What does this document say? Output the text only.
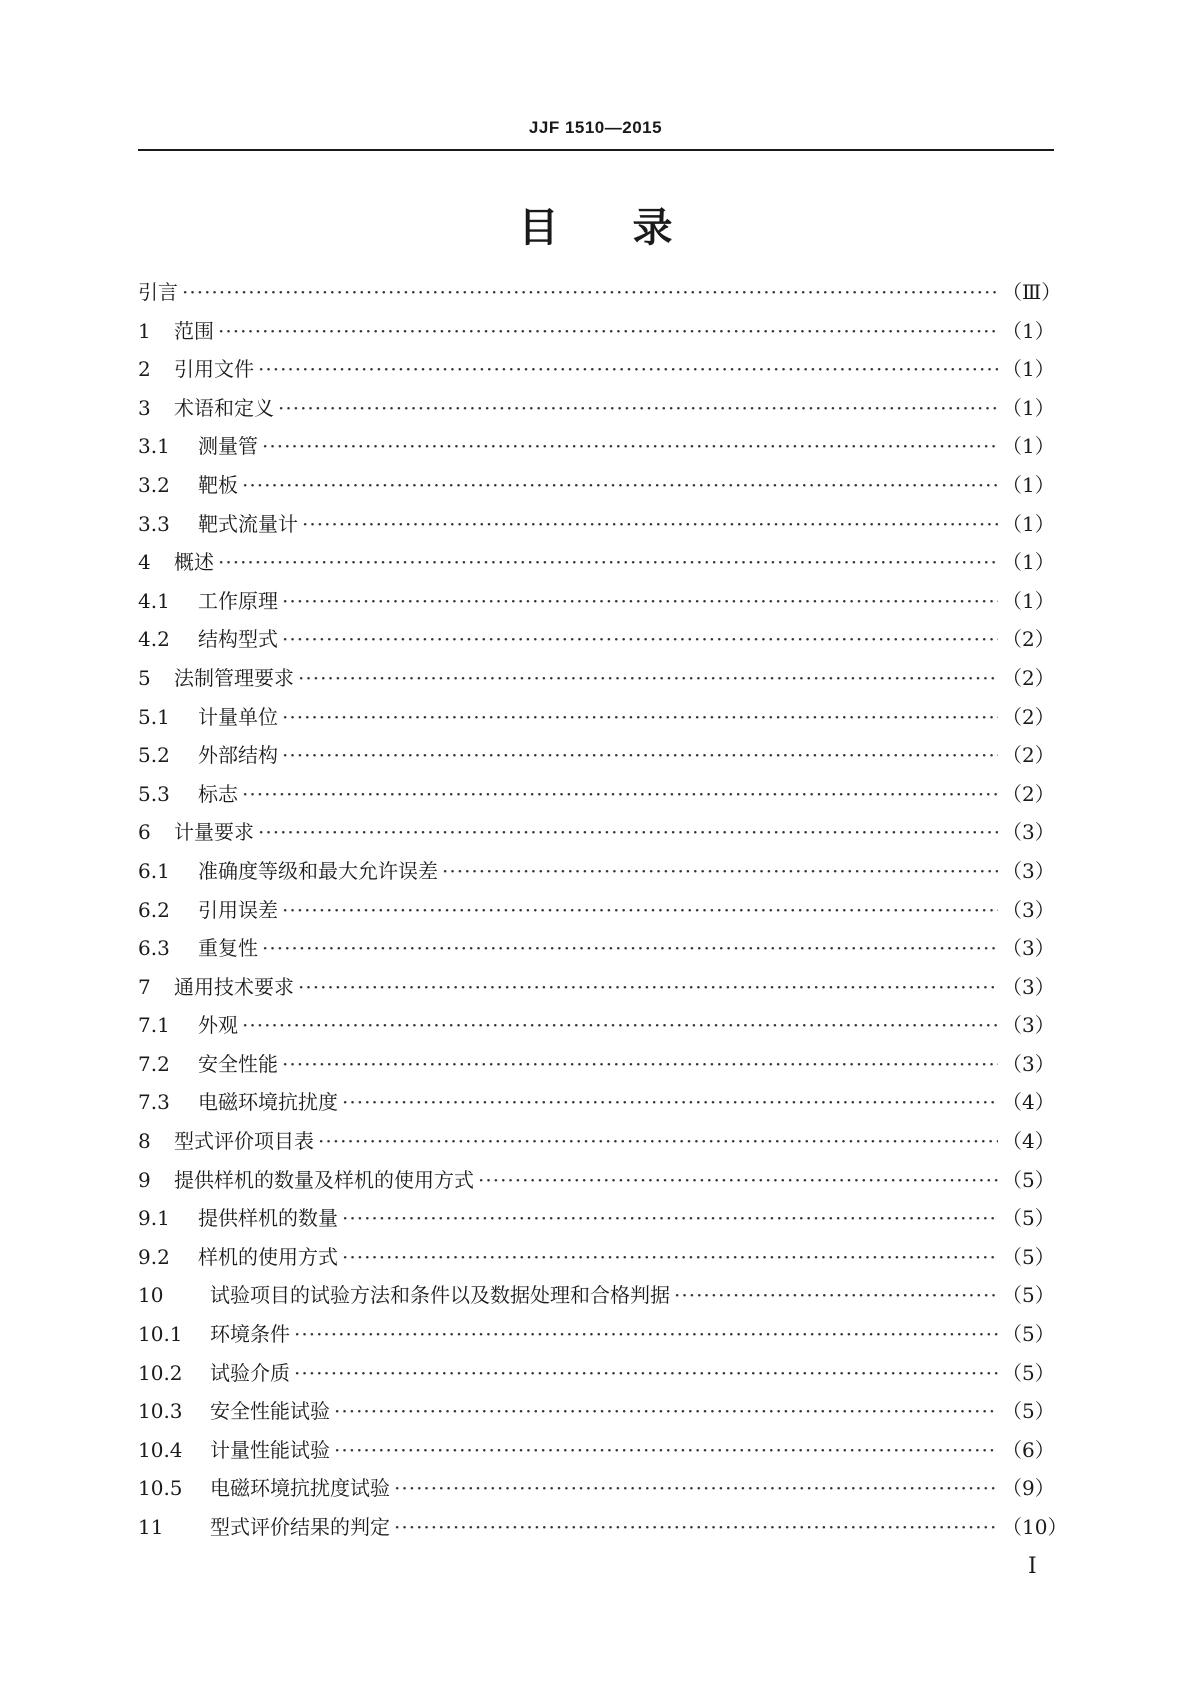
JJF 1510—2015
目录
引言 ·····	（Ⅲ）
1	范围 ·····	（1）
2	引用文件 ·····	（1）
3	术语和定义 ·····	（1）
3.1	测量管 ·····	（1）
3.2	靶板 ·····	（1）
3.3	靶式流量计 ·····	（1）
4	概述 ·····	（1）
4.1	工作原理 ·····	（1）
4.2	结构型式 ·····	（2）
5	法制管理要求 ·····	（2）
5.1	计量单位 ·····	（2）
5.2	外部结构 ·····	（2）
5.3	标志 ·····	（2）
6	计量要求 ·····	（3）
6.1	准确度等级和最大允许误差 ·····	（3）
6.2	引用误差 ·····	（3）
6.3	重复性 ·····	（3）
7	通用技术要求 ·····	（3）
7.1	外观 ·····	（3）
7.2	安全性能 ·····	（3）
7.3	电磁环境抗扰度 ·····	（4）
8	型式评价项目表 ·····	（4）
9	提供样机的数量及样机的使用方式 ·····	（5）
9.1	提供样机的数量 ·····	（5）
9.2	样机的使用方式 ·····	（5）
10	试验项目的试验方法和条件以及数据处理和合格判据 ·····	（5）
10.1	环境条件 ·····	（5）
10.2	试验介质 ·····	（5）
10.3	安全性能试验 ·····	（5）
10.4	计量性能试验 ·····	（6）
10.5	电磁环境抗扰度试验 ·····	（9）
11	型式评价结果的判定 ·····	（10）
Ⅰ
